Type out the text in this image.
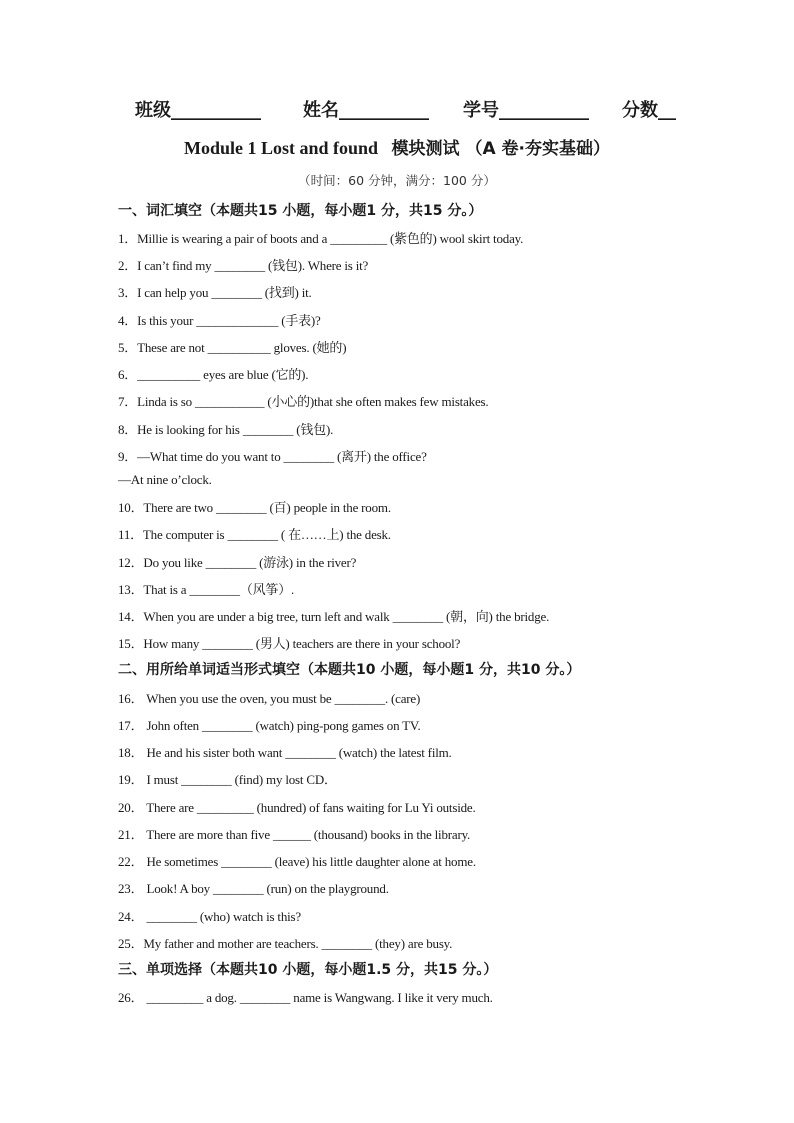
班级__________ 姓名__________ 学号__________ 分数__
Module 1 Lost and found 模块测试 （A 卷·夯实基础）
（时间：60 分钟，满分：100 分）
一、词汇填空（本题共15 小题，每小题1 分，共15 分。）
1．Millie is wearing a pair of boots and a _________ (紫色的) wool skirt today.
2．I can’t find my ________ (钱包). Where is it?
3．I can help you ________ (找到) it.
4．Is this your _____________ (手表)?
5．These are not __________ gloves. (她的)
6．__________ eyes are blue (它的).
7．Linda is so ___________ (小心的)that she often makes few mistakes.
8．He is looking for his ________ (钱包).
9．—What time do you want to ________ (离开) the office?
—At nine o’clock.
10．There are two ________ (百) people in the room.
11．The computer is ________ ( 在……上) the desk.
12．Do you like ________ (游泳) in the river?
13．That is a ________（风筝）.
14．When you are under a big tree, turn left and walk ________ (朝，向) the bridge.
15．How many ________ (男人) teachers are there in your school?
二、用所给单词适当形式填空（本题共10 小题，每小题1 分，共10 分。）
16． When you use the oven, you must be ________. (care)
17． John often ________ (watch) ping-pong games on TV.
18． He and his sister both want ________ (watch) the latest film.
19． I must ________ (find) my lost CD．
20． There are _________ (hundred) of fans waiting for Lu Yi outside.
21． There are more than five ______ (thousand) books in the library.
22． He sometimes ________ (leave) his little daughter alone at home.
23． Look! A boy ________ (run) on the playground.
24． ________ (who) watch is this?
25．My father and mother are teachers. ________ (they) are busy.
三、单项选择（本题共10 小题，每小题1.5 分，共15 分。）
26． _________ a dog. ________ name is Wangwang. I like it very much.
